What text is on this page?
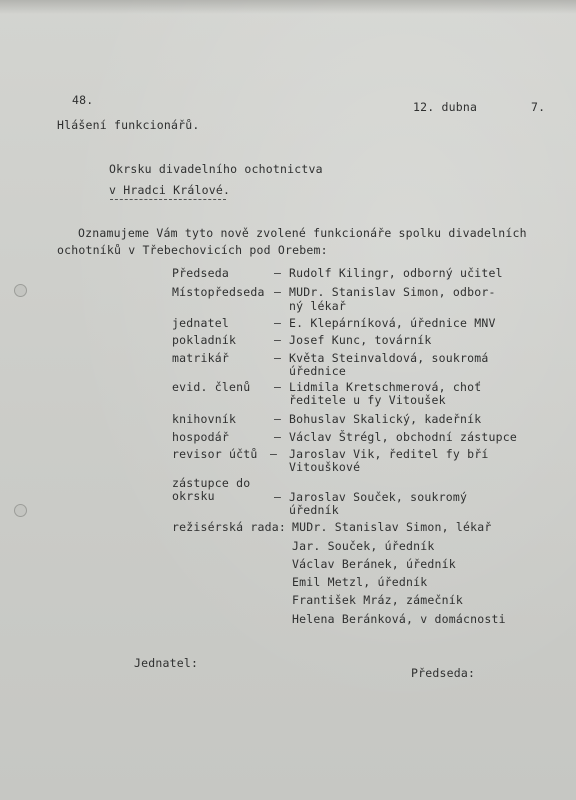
48.	12. dubna	7.
Hlášení funkcionářů.
Okrsku divadelního ochotnictva
v Hradci Králové.
Oznamujeme Vám tyto nově zvolené funkcionáře spolku divadelních
ochotníků v Třebechovicích pod Orebem:
Předseda	– Rudolf Kilingr, odborný učitel
Místopředseda – MUDr. Stanislav Simon, odbor-
ný lékař
jednatel	– E. Klepárníková, úřednice MNV
pokladník	– Josef Kunc, továrník
matrikář	– Květa Steinvaldová, soukromá
úřednice
evid. členů – Lidmila Kretschmerová, choť
ředitele u fy Vitoušek
knihovník	– Bohuslav Skalický, kadeřník
hospodář	– Václav Štrégl, obchodní zástupce
revisor účtů – Jaroslav Vik, ředitel fy bří
Vitouškové
zástupce do
okrsku	– Jaroslav Souček, soukromý
úředník
režisérská rada: MUDr. Stanislav Simon, lékař
Jar. Souček, úředník
Václav Beránek, úředník
Emil Metzl, úředník
František Mráz, zámečník
Helena Beránková, v domácnosti
Jednatel:
Předseda:
